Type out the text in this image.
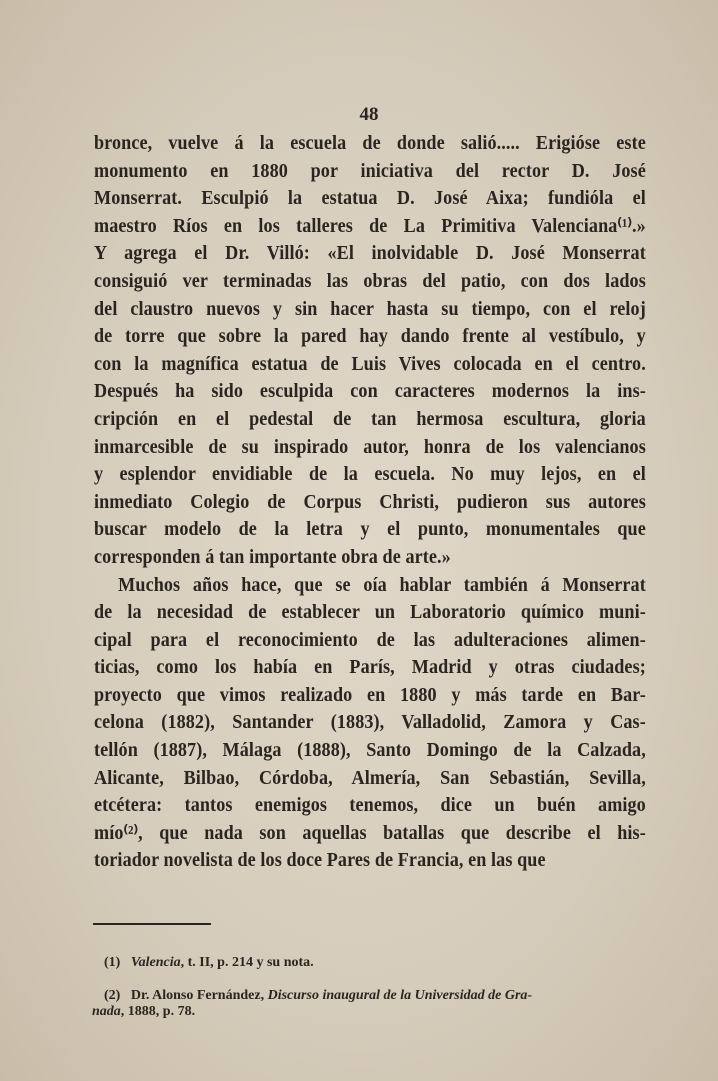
48
bronce, vuelve á la escuela de donde salió..... Erigióse este
monumento en 1880 por iniciativa del rector D. José
Monserrat. Esculpió la estatua D. José Aixa; fundióla el
maestro Ríos en los talleres de La Primitiva Valenciana⁽¹⁾.»
Y agrega el Dr. Villó: «El inolvidable D. José Monserrat
consiguió ver terminadas las obras del patio, con dos lados
del claustro nuevos y sin hacer hasta su tiempo, con el reloj
de torre que sobre la pared hay dando frente al vestíbulo, y
con la magnífica estatua de Luis Vives colocada en el centro.
Después ha sido esculpida con caracteres modernos la ins-
cripción en el pedestal de tan hermosa escultura, gloria
inmarcesible de su inspirado autor, honra de los valencianos
y esplendor envidiable de la escuela. No muy lejos, en el
inmediato Colegio de Corpus Christi, pudieron sus autores
buscar modelo de la letra y el punto, monumentales que
corresponden á tan importante obra de arte.»
Muchos años hace, que se oía hablar también á Monserrat
de la necesidad de establecer un Laboratorio químico muni-
cipal para el reconocimiento de las adulteraciones alimen-
ticias, como los había en París, Madrid y otras ciudades;
proyecto que vimos realizado en 1880 y más tarde en Bar-
celona (1882), Santander (1883), Valladolid, Zamora y Cas-
tellón (1887), Málaga (1888), Santo Domingo de la Calzada,
Alicante, Bilbao, Córdoba, Almería, San Sebastián, Sevilla,
etcétera: tantos enemigos tenemos, dice un buén amigo
mío⁽²⁾, que nada son aquellas batallas que describe el his-
toriador novelista de los doce Pares de Francia, en las que
(1) Valencia, t. II, p. 214 y su nota.
(2) Dr. Alonso Fernández, Discurso inaugural de la Universidad de Gra-
nada, 1888, p. 78.
